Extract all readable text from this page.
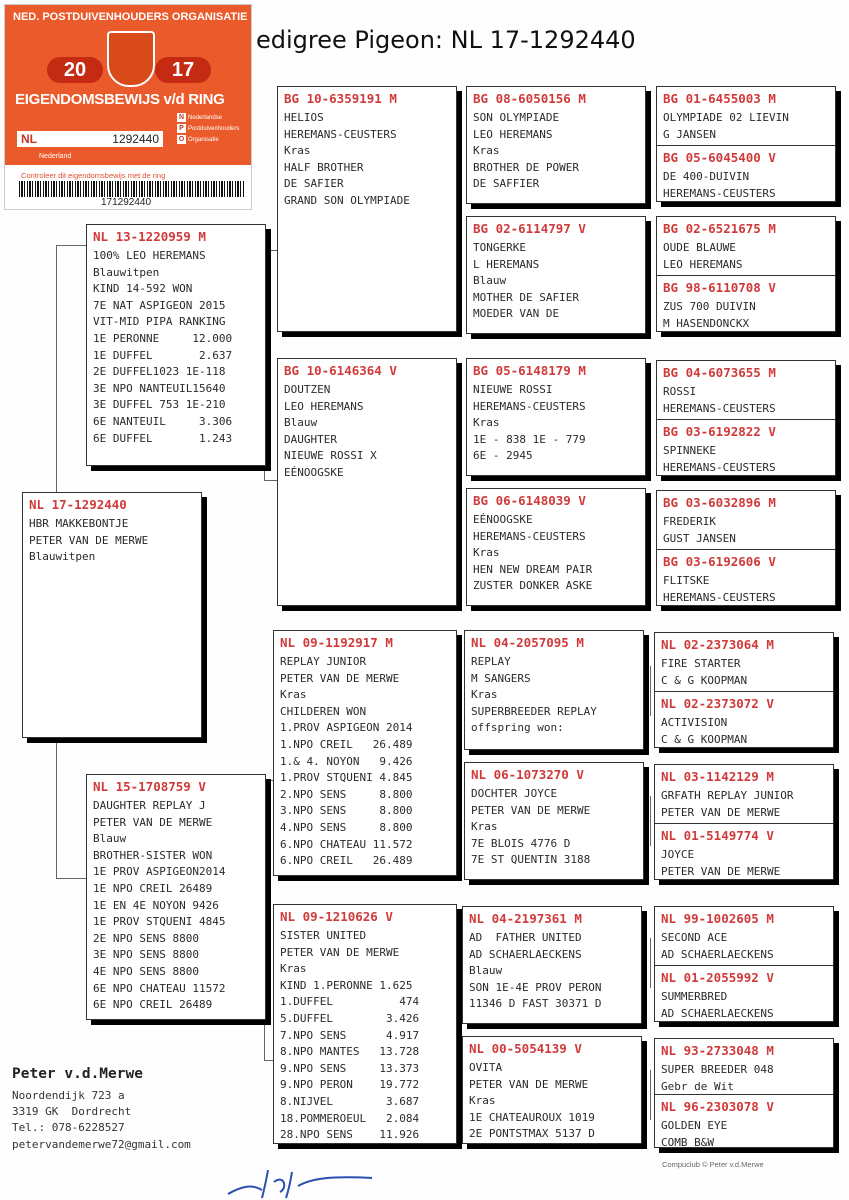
edigree Pigeon: NL 17-1292440
NED. POSTDUIVENHOUDERS ORGANISATIE
20	17
EIGENDOMSBEWIJS v/d RING
NL	1292440
N Nederlandse
P Postduivenhouders
O Organisatie
Nederland
Controleer dit eigendomsbewijs met de ring
171292440
NL 17-1292440
HBR MAKKEBONTJE
PETER VAN DE MERWE
Blauwitpen
NL 13-1220959 M
100% LEO HEREMANS
Blauwitpen
KIND 14-592 WON
7E NAT ASPIGEON 2015
VIT-MID PIPA RANKING
1E PERONNE     12.000
1E DUFFEL       2.637
2E DUFFEL1023 1E-118
3E NPO NANTEUIL15640
3E DUFFEL 753 1E-210
6E NANTEUIL     3.306
6E DUFFEL       1.243
NL 15-1708759 V
DAUGHTER REPLAY J
PETER VAN DE MERWE
Blauw
BROTHER-SISTER WON
1E PROV ASPIGEON2014
1E NPO CREIL 26489
1E EN 4E NOYON 9426
1E PROV STQUENI 4845
2E NPO SENS 8800
3E NPO SENS 8800
4E NPO SENS 8800
6E NPO CHATEAU 11572
6E NPO CREIL 26489
BG 10-6359191 M
HELIOS
HEREMANS-CEUSTERS
Kras
HALF BROTHER
DE SAFIER
GRAND SON OLYMPIADE
BG 10-6146364 V
DOUTZEN
LEO HEREMANS
Blauw
DAUGHTER
NIEUWE ROSSI X
EÉNOOGSKE
NL 09-1192917 M
REPLAY JUNIOR
PETER VAN DE MERWE
Kras
CHILDEREN WON
1.PROV ASPIGEON 2014
1.NPO CREIL   26.489
1.& 4. NOYON   9.426
1.PROV STQUENI 4.845
2.NPO SENS     8.800
3.NPO SENS     8.800
4.NPO SENS     8.800
6.NPO CHATEAU 11.572
6.NPO CREIL   26.489
NL 09-1210626 V
SISTER UNITED
PETER VAN DE MERWE
Kras
KIND 1.PERONNE 1.625
1.DUFFEL          474
5.DUFFEL        3.426
7.NPO SENS      4.917
8.NPO MANTES   13.728
9.NPO SENS     13.373
9.NPO PERON    19.772
8.NIJVEL        3.687
18.POMMEROEUL   2.084
28.NPO SENS    11.926
BG 08-6050156 M
SON OLYMPIADE
LEO HEREMANS
Kras
BROTHER DE POWER
DE SAFFIER
BG 02-6114797 V
TONGERKE
L HEREMANS
Blauw
MOTHER DE SAFIER
MOEDER VAN DE
BG 05-6148179 M
NIEUWE ROSSI
HEREMANS-CEUSTERS
Kras
1E - 838 1E - 779
6E - 2945
BG 06-6148039 V
EÉNOOGSKE
HEREMANS-CEUSTERS
Kras
HEN NEW DREAM PAIR
ZUSTER DONKER ASKE
NL 04-2057095 M
REPLAY
M SANGERS
Kras
SUPERBREEDER REPLAY
offspring won:
NL 06-1073270 V
DOCHTER JOYCE
PETER VAN DE MERWE
Kras
7E BLOIS 4776 D
7E ST QUENTIN 3188
NL 04-2197361 M
AD  FATHER UNITED
AD SCHAERLAECKENS
Blauw
SON 1E-4E PROV PERON
11346 D FAST 30371 D
NL 00-5054139 V
OVITA
PETER VAN DE MERWE
Kras
1E CHATEAUROUX 1019
2E PONTSTMAX 5137 D
BG 01-6455003 M
OLYMPIADE 02 LIEVIN
G JANSEN
BG 05-6045400 V
DE 400-DUIVIN
HEREMANS-CEUSTERS
BG 02-6521675 M
OUDE BLAUWE
LEO HEREMANS
BG 98-6110708 V
ZUS 700 DUIVIN
M HASENDONCKX
BG 04-6073655 M
ROSSI
HEREMANS-CEUSTERS
BG 03-6192822 V
SPINNEKE
HEREMANS-CEUSTERS
BG 03-6032896 M
FREDERIK
GUST JANSEN
BG 03-6192606 V
FLITSKE
HEREMANS-CEUSTERS
NL 02-2373064 M
FIRE STARTER
C & G KOOPMAN
NL 02-2373072 V
ACTIVISION
C & G KOOPMAN
NL 03-1142129 M
GRFATH REPLAY JUNIOR
PETER VAN DE MERWE
NL 01-5149774 V
JOYCE
PETER VAN DE MERWE
NL 99-1002605 M
SECOND ACE
AD SCHAERLAECKENS
NL 01-2055992 V
SUMMERBRED
AD SCHAERLAECKENS
NL 93-2733048 M
SUPER BREEDER 048
Gebr de Wit
NL 96-2303078 V
GOLDEN EYE
COMB B&W
Peter v.d.Merwe
Noordendijk 723 a
3319 GK  Dordrecht
Tel.: 078-6228527
petervandemerwe72@gmail.com
Compuclub © Peter v.d.Merwe
